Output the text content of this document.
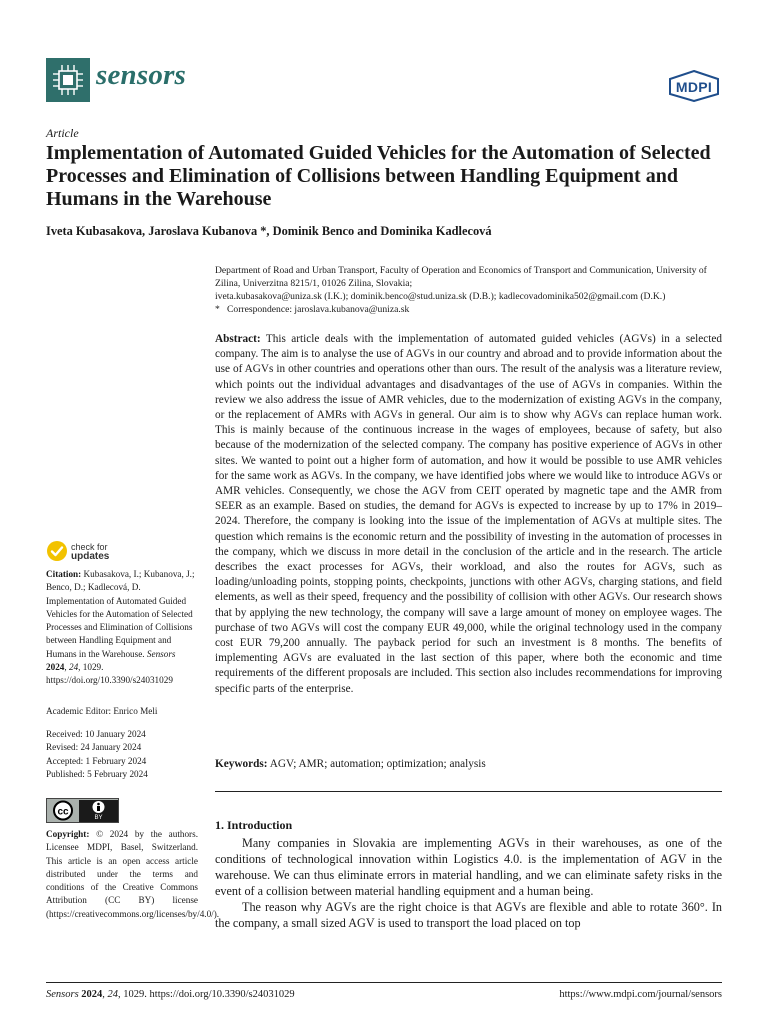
sensors	MDPI
Article
Implementation of Automated Guided Vehicles for the Automation of Selected Processes and Elimination of Collisions between Handling Equipment and Humans in the Warehouse
Iveta Kubasakova, Jaroslava Kubanova *, Dominik Benco and Dominika Kadlecová
Department of Road and Urban Transport, Faculty of Operation and Economics of Transport and Communication, University of Zilina, Univerzitna 8215/1, 01026 Zilina, Slovakia;
iveta.kubasakova@uniza.sk (I.K.); dominik.benco@stud.uniza.sk (D.B.); kadlecovadominika502@gmail.com (D.K.)
* Correspondence: jaroslava.kubanova@uniza.sk
Abstract: This article deals with the implementation of automated guided vehicles (AGVs) in a selected company. The aim is to analyse the use of AGVs in our country and abroad and to provide information about the use of AGVs in other countries and operations other than ours. The result of the analysis was a literature review, which points out the individual advantages and disadvantages of the use of AGVs in companies. Within the review we also address the issue of AMR vehicles, due to the modernization of existing AGVs in the company, or the replacement of AMRs with AGVs in general. Our aim is to show why AGVs can replace human work. This is mainly because of the continuous increase in the wages of employees, because of safety, but also because of the modernization of the selected company. The company has positive experience of AGVs in other sites. We wanted to point out a higher form of automation, and how it would be possible to use AMR vehicles for the same work as AGVs. In the company, we have identified jobs where we would like to introduce AGVs or AMR vehicles. Consequently, we chose the AGV from CEIT operated by magnetic tape and the AMR from SEER as an example. Based on studies, the demand for AGVs is expected to increase by up to 17% in 2019–2024. Therefore, the company is looking into the issue of the implementation of AGVs at multiple sites. The question which remains is the economic return and the possibility of investing in the automation of processes in the company, which we discuss in more detail in the conclusion of the article and in the research. The article describes the exact processes for AGVs, their workload, and also the routes for AGVs, such as loading/unloading points, stopping points, checkpoints, junctions with other AGVs, charging stations, and field elements, as well as their speed, frequency and the possibility of collision with other AGVs. Our research shows that by applying the new technology, the company will save a large amount of money on employee wages. The purchase of two AGVs will cost the company EUR 49,000, while the original technology used in the company cost EUR 79,200 annually. The payback period for such an investment is 8 months. The benefits of implementing AGVs are evaluated in the last section of this paper, where both the economic and time requirements of the different proposals are included. This section also includes recommendations for improving specific parts of the enterprise.
Keywords: AGV; AMR; automation; optimization; analysis
check for
updates
Citation: Kubasakova, I.; Kubanova, J.; Benco, D.; Kadlecová, D. Implementation of Automated Guided Vehicles for the Automation of Selected Processes and Elimination of Collisions between Handling Equipment and Humans in the Warehouse. Sensors 2024, 24, 1029. https://doi.org/10.3390/s24031029
Academic Editor: Enrico Meli
Received: 10 January 2024
Revised: 24 January 2024
Accepted: 1 February 2024
Published: 5 February 2024
cc
BY
Copyright: © 2024 by the authors. Licensee MDPI, Basel, Switzerland. This article is an open access article distributed under the terms and conditions of the Creative Commons Attribution (CC BY) license (https://creativecommons.org/licenses/by/4.0/).
1. Introduction

Many companies in Slovakia are implementing AGVs in their warehouses, as one of the conditions of technological innovation within Logistics 4.0. is the implementation of AGV in the warehouse. We can thus eliminate errors in material handling, and we can eliminate safety risks in the event of a collision between material handling equipment and a human being.

The reason why AGVs are the right choice is that AGVs are flexible and able to rotate 360°. In the company, a small sized AGV is used to transport the load placed on top

Sensors 2024, 24, 1029. https://doi.org/10.3390/s24031029	https://www.mdpi.com/journal/sensors
